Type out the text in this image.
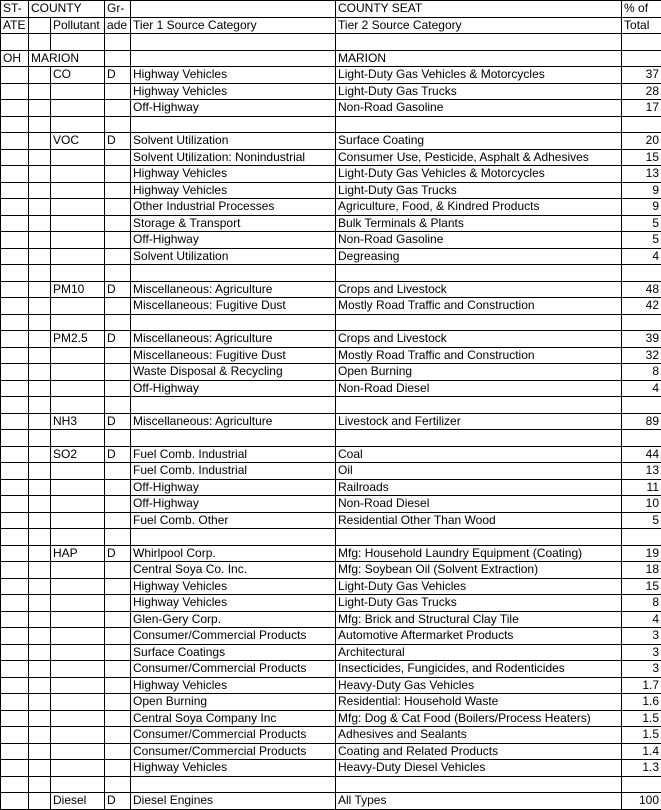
ST-	COUNTY		Gr-		COUNTY SEAT	% of
ATE		Pollutant	ade	Tier 1 Source Category	Tier 2 Source Category	Total

OH	MARION				MARION	
		CO	D	Highway Vehicles	Light-Duty Gas Vehicles & Motorcycles	37
				Highway Vehicles	Light-Duty Gas Trucks	28
				Off-Highway	Non-Road Gasoline	17

		VOC	D	Solvent Utilization	Surface Coating	20
				Solvent Utilization: Nonindustrial	Consumer Use, Pesticide, Asphalt & Adhesives	15
				Highway Vehicles	Light-Duty Gas Vehicles & Motorcycles	13
				Highway Vehicles	Light-Duty Gas Trucks	9
				Other Industrial Processes	Agriculture, Food, & Kindred Products	9
				Storage & Transport	Bulk Terminals & Plants	5
				Off-Highway	Non-Road Gasoline	5
				Solvent Utilization	Degreasing	4

		PM10	D	Miscellaneous: Agriculture	Crops and Livestock	48
				Miscellaneous: Fugitive Dust	Mostly Road Traffic and Construction	42

		PM2.5	D	Miscellaneous: Agriculture	Crops and Livestock	39
				Miscellaneous: Fugitive Dust	Mostly Road Traffic and Construction	32
				Waste Disposal & Recycling	Open Burning	8
				Off-Highway	Non-Road Diesel	4

		NH3	D	Miscellaneous: Agriculture	Livestock and Fertilizer	89

		SO2	D	Fuel Comb. Industrial	Coal	44
				Fuel Comb. Industrial	Oil	13
				Off-Highway	Railroads	11
				Off-Highway	Non-Road Diesel	10
				Fuel Comb. Other	Residential Other Than Wood	5

		HAP	D	Whirlpool Corp.	Mfg: Household Laundry Equipment (Coating)	19
				Central Soya Co. Inc.	Mfg: Soybean Oil (Solvent Extraction)	18
				Highway Vehicles	Light-Duty Gas Vehicles	15
				Highway Vehicles	Light-Duty Gas Trucks	8
				Glen-Gery Corp.	Mfg: Brick and Structural Clay Tile	4
				Consumer/Commercial Products	Automotive Aftermarket Products	3
				Surface Coatings	Architectural	3
				Consumer/Commercial Products	Insecticides, Fungicides, and Rodenticides	3
				Highway Vehicles	Heavy-Duty Gas Vehicles	1.7
				Open Burning	Residential: Household Waste	1.6
				Central Soya Company Inc	Mfg: Dog & Cat Food (Boilers/Process Heaters)	1.5
				Consumer/Commercial Products	Adhesives and Sealants	1.5
				Consumer/Commercial Products	Coating and Related Products	1.4
				Highway Vehicles	Heavy-Duty Diesel Vehicles	1.3

		Diesel	D	Diesel Engines	All Types	100
